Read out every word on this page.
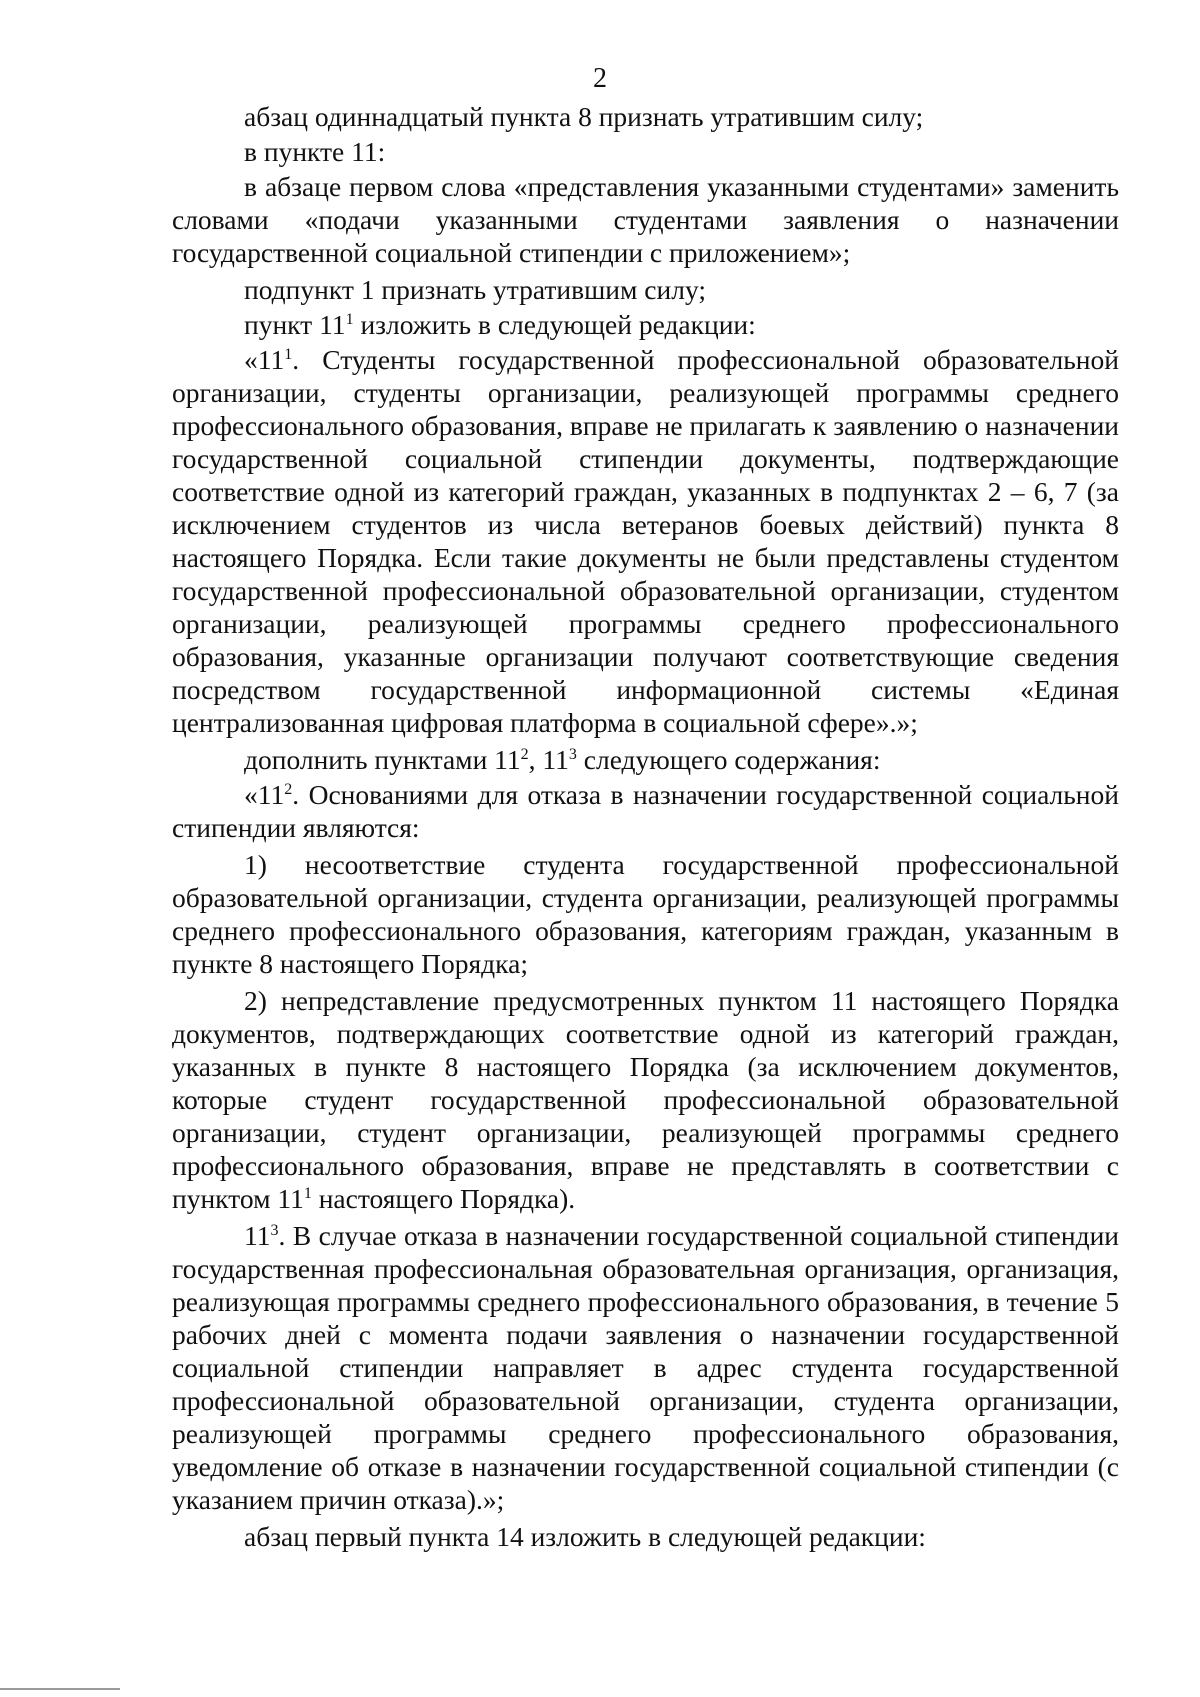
2

абзац одиннадцатый пункта 8 признать утратившим силу;

в пункте 11:

в абзаце первом слова «представления указанными студентами» заменить словами «подачи указанными студентами заявления о назначении государственной социальной стипендии с приложением»;

подпункт 1 признать утратившим силу;

пункт $11^1$ изложить в следующей редакции:

«$11^1$. Студенты государственной профессиональной образовательной организации, студенты организации, реализующей программы среднего профессионального образования, вправе не прилагать к заявлению о назначении государственной социальной стипендии документы, подтверждающие соответствие одной из категорий граждан, указанных в подпунктах 2 – 6, 7 (за исключением студентов из числа ветеранов боевых действий) пункта 8 настоящего Порядка. Если такие документы не были представлены студентом государственной профессиональной образовательной организации, студентом организации, реализующей программы среднего профессионального образования, указанные организации получают соответствующие сведения посредством государственной информационной системы «Единая централизованная цифровая платформа в социальной сфере».»;

дополнить пунктами $11^2$, $11^3$ следующего содержания:

«$11^2$. Основаниями для отказа в назначении государственной социальной стипендии являются:

1) несоответствие студента государственной профессиональной образовательной организации, студента организации, реализующей программы среднего профессионального образования, категориям граждан, указанным в пункте 8 настоящего Порядка;

2) непредставление предусмотренных пунктом 11 настоящего Порядка документов, подтверждающих соответствие одной из категорий граждан, указанных в пункте 8 настоящего Порядка (за исключением документов, которые студент государственной профессиональной образовательной организации, студент организации, реализующей программы среднего профессионального образования, вправе не представлять в соответствии с пунктом $11^1$ настоящего Порядка).

$11^3$. В случае отказа в назначении государственной социальной стипендии государственная профессиональная образовательная организация, организация, реализующая программы среднего профессионального образования, в течение 5 рабочих дней с момента подачи заявления о назначении государственной социальной стипендии направляет в адрес студента государственной профессиональной образовательной организации, студента организации, реализующей программы среднего профессионального образования, уведомление об отказе в назначении государственной социальной стипендии (с указанием причин отказа).»;

абзац первый пункта 14 изложить в следующей редакции:
